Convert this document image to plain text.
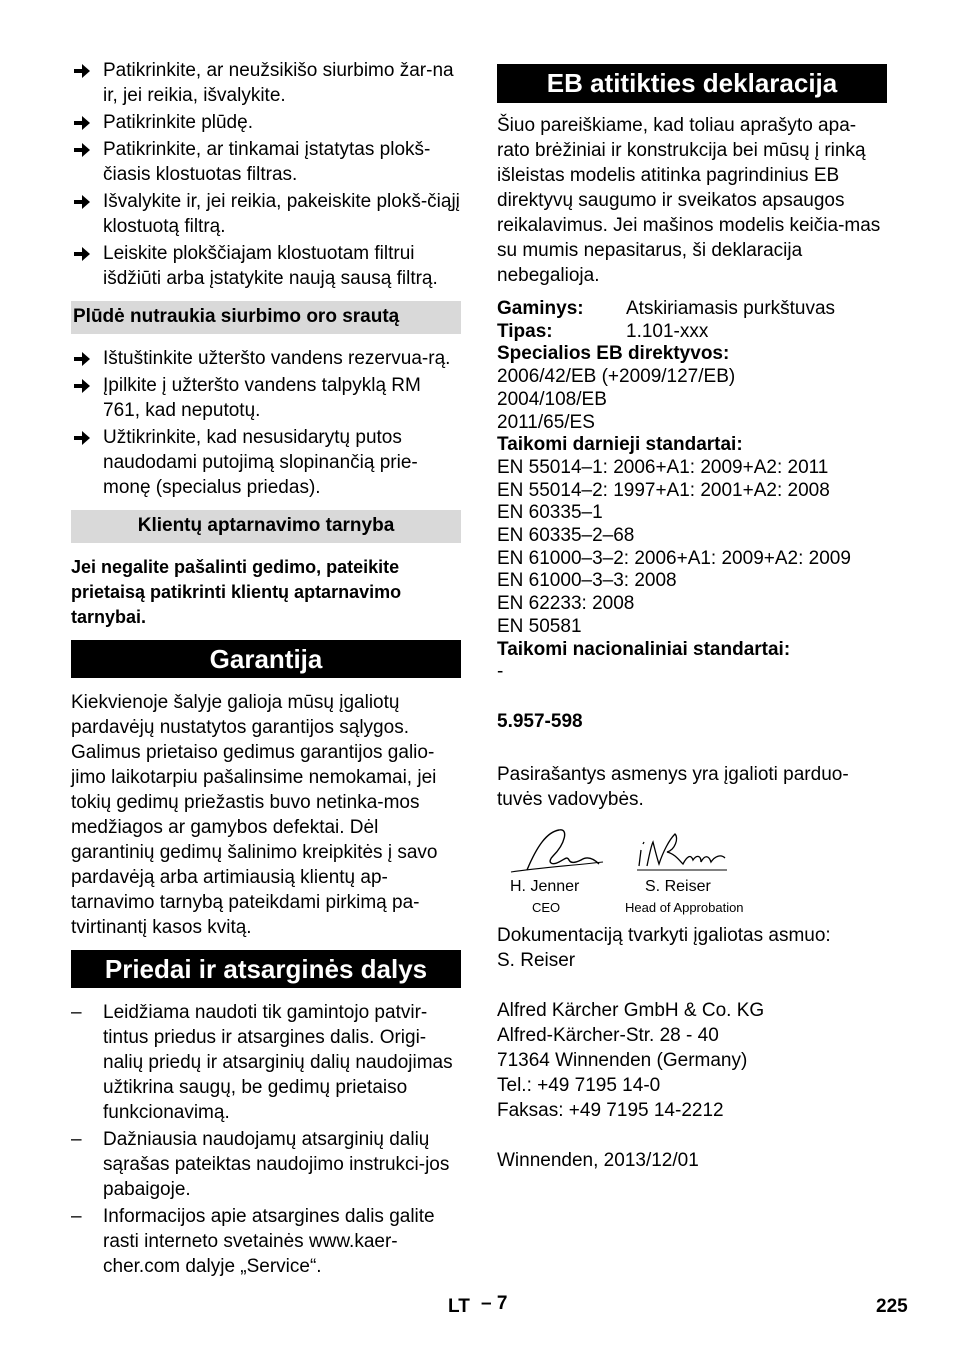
Patikrinkite, ar neužsikišo siurbimo žar-na ir, jei reikia, išvalykite.
Patikrinkite plūdę.
Patikrinkite, ar tinkamai įstatytas plokš-čiasis klostuotas filtras.
Išvalykite ir, jei reikia, pakeiskite plokš-čiąjį klostuotą filtrą.
Leiskite plokščiajam klostuotam filtrui išdžiūti arba įstatykite naują sausą filtrą.
Plūdė nutraukia siurbimo oro srautą
Ištuštinkite užteršto vandens rezervua-rą.
Įpilkite į užteršto vandens talpyklą RM 761, kad neputotų.
Užtikrinkite, kad nesusidarytų putos naudodami putojimą slopinančią prie-monę (specialus priedas).
Klientų aptarnavimo tarnyba

Jei negalite pašalinti gedimo, pateikite prietaisą patikrinti klientų aptarnavimo tarnybai.

Garantija

Kiekvienoje šalyje galioja mūsų įgaliotų pardavėjų nustatytos garantijos sąlygos. Galimus prietaiso gedimus garantijos galio-jimo laikotarpiu pašalinsime nemokamai, jei tokių gedimų priežastis buvo netinka-mos medžiagos ar gamybos defektai. Dėl garantinių gedimų šalinimo kreipkitės į savo pardavėją arba artimiausią klientų ap-tarnavimo tarnybą pateikdami pirkimą pa-tvirtinantį kasos kvitą.

Priedai ir atsarginės dalys
– Leidžiama naudoti tik gamintojo patvir-tintus priedus ir atsargines dalis. Origi-nalių priedų ir atsarginių dalių naudojimas užtikrina saugų, be gedimų prietaiso funkcionavimą.
– Dažniausia naudojamų atsarginių dalių sąrašas pateiktas naudojimo instrukci-jos pabaigoje.
– Informacijos apie atsargines dalis galite rasti interneto svetainės www.kaer-cher.com dalyje „Service“.
EB atitikties deklaracija

Šiuo pareiškiame, kad toliau aprašyto apa-rato brėžiniai ir konstrukcija bei mūsų į rinką išleistas modelis atitinka pagrindinius EB direktyvų saugumo ir sveikatos apsaugos reikalavimus. Jei mašinos modelis keičia-mas su mumis nepasitarus, ši deklaracija nebegalioja.

Gaminys:	Atskiriamasis purkštuvas
Tipas:	1.101-xxx
Specialios EB direktyvos:
2006/42/EB (+2009/127/EB)
2004/108/EB
2011/65/ES
Taikomi darnieji standartai:
EN 55014–1: 2006+A1: 2009+A2: 2011
EN 55014–2: 1997+A1: 2001+A2: 2008
EN 60335–1
EN 60335–2–68
EN 61000–3–2: 2006+A1: 2009+A2: 2009
EN 61000–3–3: 2008
EN 62233: 2008
EN 50581
Taikomi nacionaliniai standartai:
-
5.957-598

Pasirašantys asmenys yra įgalioti parduo-tuvės vadovybės.

H. Jenner
CEO
S. Reiser
Head of Approbation

Dokumentaciją tvarkyti įgaliotas asmuo:

S. Reiser

Alfred Kärcher GmbH & Co. KG

Alfred-Kärcher-Str. 28 - 40

71364 Winnenden (Germany)

Tel.: +49 7195 14-0

Faksas: +49 7195 14-2212

Winnenden, 2013/12/01

LT – 7	225
